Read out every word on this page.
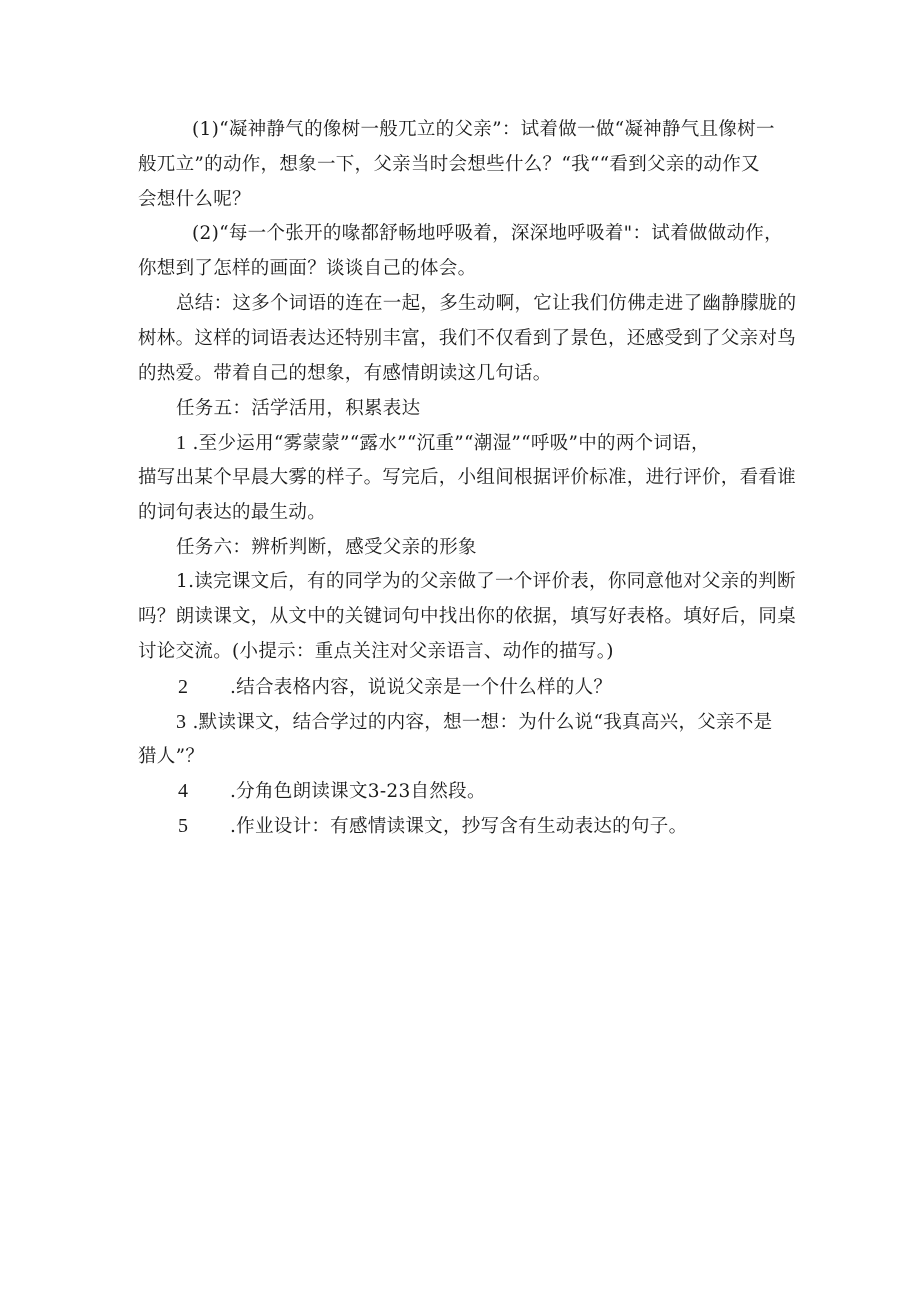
(1)“凝神静气的像树一般兀立的父亲”：试着做一做“凝神静气且像树一
般兀立”的动作，想象一下，父亲当时会想些什么？“我““看到父亲的动作又
会想什么呢？
(2)“每一个张开的喙都舒畅地呼吸着，深深地呼吸着"：试着做做动作，
你想到了怎样的画面？谈谈自己的体会。
总结：这多个词语的连在一起，多生动啊，它让我们仿佛走进了幽静朦胧的
树林。这样的词语表达还特别丰富，我们不仅看到了景色，还感受到了父亲对鸟
的热爱。带着自己的想象，有感情朗读这几句话。
任务五：活学活用，积累表达
1 .至少运用“雾蒙蒙”“露水”“沉重”“潮湿”“呼吸”中的两个词语，
描写出某个早晨大雾的样子。写完后，小组间根据评价标准，进行评价，看看谁
的词句表达的最生动。
任务六：辨析判断，感受父亲的形象
1.读完课文后，有的同学为的父亲做了一个评价表，你同意他对父亲的判断
吗？朗读课文，从文中的关键词句中找出你的依据，填写好表格。填好后，同桌
讨论交流。(小提示：重点关注对父亲语言、动作的描写。)
2 .结合表格内容，说说父亲是一个什么样的人？
3 .默读课文，结合学过的内容，想一想：为什么说“我真高兴，父亲不是
猎人”？
4 .分角色朗读课文3-23自然段。
5 .作业设计：有感情读课文，抄写含有生动表达的句子。
